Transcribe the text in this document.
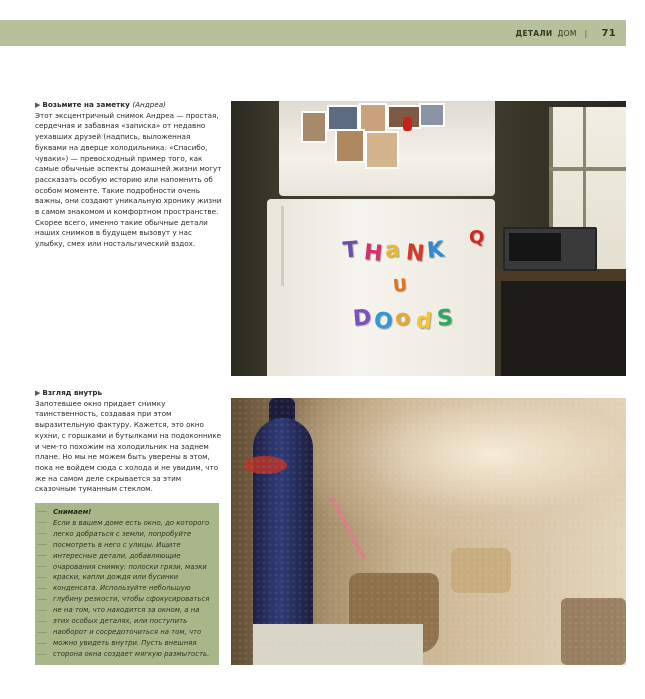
ДЕТАЛИ ДОМ | 71
▶ Возьмите на заметку (Андреа)

Этот эксцентричный снимок Андреа — простая, сердечная и забавная «записка» от недавно уехавших друзей (надпись, выложенная буквами на дверце холодильника: «Спасибо, чуваки») — превосходный пример того, как самые обычные аспекты домашней жизни могут рассказать особую историю или напомнить об особом моменте. Такие подробности очень важны, они создают уникальную хронику жизни в самом знакомом и комфортном пространстве. Скорее всего, именно такие обычные детали наших снимков в будущем вызовут у нас улыбку, смех или ностальгический вздох.	T H a N K
U
D O o d S
Q
▶ Взгляд внутрь

Запотевшее окно придает снимку таинственность, создавая при этом выразительную фактуру. Кажется, это окно кухни, с горшками и бутылками на подоконнике и чем-то похожим на холодильник на заднем плане. Но мы не можем быть уверены в этом, пока не войдем сюда с холода и не увидим, что же на самом деле скрывается за этим сказочным туманным стеклом.

Снимаем!
Если в вашем доме есть окно, до которого легко добраться с земли, попробуйте посмотреть в него с улицы. Ищите интересные детали, добавляющие очарования снимку: полоски грязи, мазки краски, капли дождя или бусинки конденсата. Используйте небольшую глубину резкости, чтобы сфокусироваться не на том, что находится за окном, а на этих особых деталях, или поступить наоборот и сосредоточиться на том, что можно увидеть внутри. Пусть внешняя сторона окна создает мягкую размытость.
